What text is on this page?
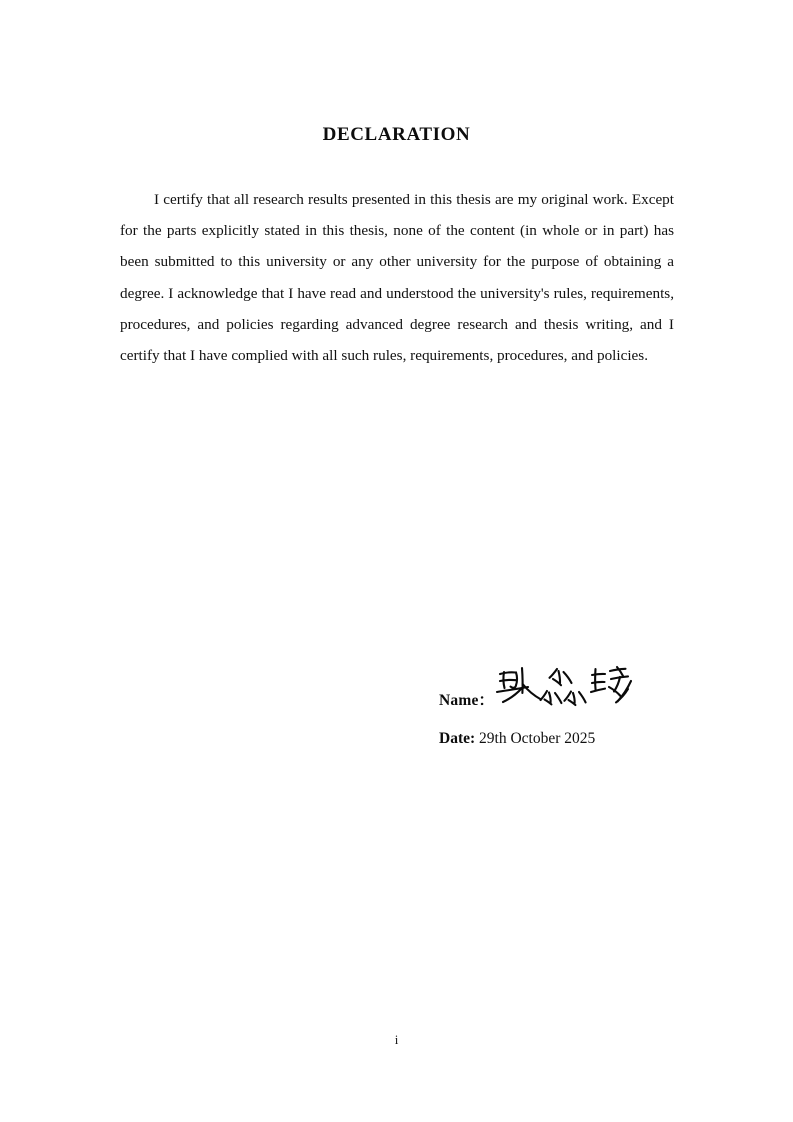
DECLARATION

I certify that all research results presented in this thesis are my original work. Except for the parts explicitly stated in this thesis, none of the content (in whole or in part) has been submitted to this university or any other university for the purpose of obtaining a degree. I acknowledge that I have read and understood the university's rules, requirements, procedures, and policies regarding advanced degree research and thesis writing, and I certify that I have complied with all such rules, requirements, procedures, and policies.

Name：
Date: 29th October 2025
i
